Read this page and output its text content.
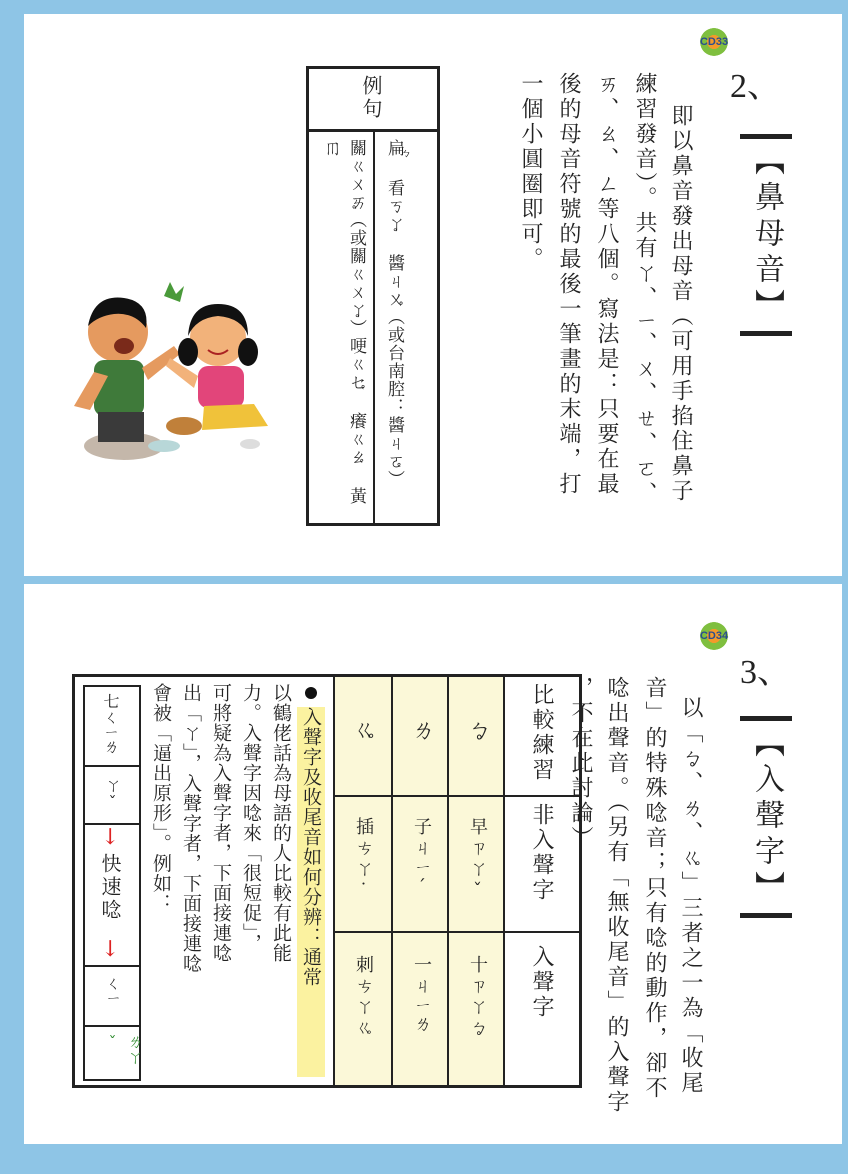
CD33
2、
【鼻母音】
即以鼻音發出母音（可用手掐住鼻子
練習發音）。共有ㄚ、ㄧ、ㄨ、ㄝ、ㄛ、
ㄞ、ㄠ、ㄥ等八個。寫法是：只要在最
後的母音符號的最後一筆畫的末端，打
一個小圓圈即可。
例句
扁ㆴ 看ㄎㆩ 醬ㄐㆫ（或台南腔：醬ㄐㆧ）
關ㄍㄨㆮ（或關ㄍㄨㆩ）哽ㄍㆥ 癢ㄍㆯ 黃ㆬ
CD34
3、
【入聲字】
以「ㆠ、ㄌ、ㆣ」三者之一為「收尾
音」的特殊唸音；只有唸的動作，卻不
唸出聲音。（另有「無收尾音」的入聲字
，不在此討論）
比較練習
非入聲字
入聲字
ㆠ
ㄌ
ㆣ
早ㄗㄚˇ
子ㄐㄧˊ
插ㄘㄚ˙
十ㄗㄚㆠ
一ㄐㄧㄌ
刺ㄘㄚㆣ
入聲字及收尾音如何分辨：通常
以鶴佬話為母語的人比較有此能
力。入聲字因唸來「很短促」，
可將疑為入聲字者，下面接連唸
出「ㄚ」，入聲字者，下面接連唸
會被「逼出原形」。例如：
七ㄑㄧㄌ
ㄚˇ
↓
快速唸
↓
ㄑㄧ
ㄌㄚˇ
